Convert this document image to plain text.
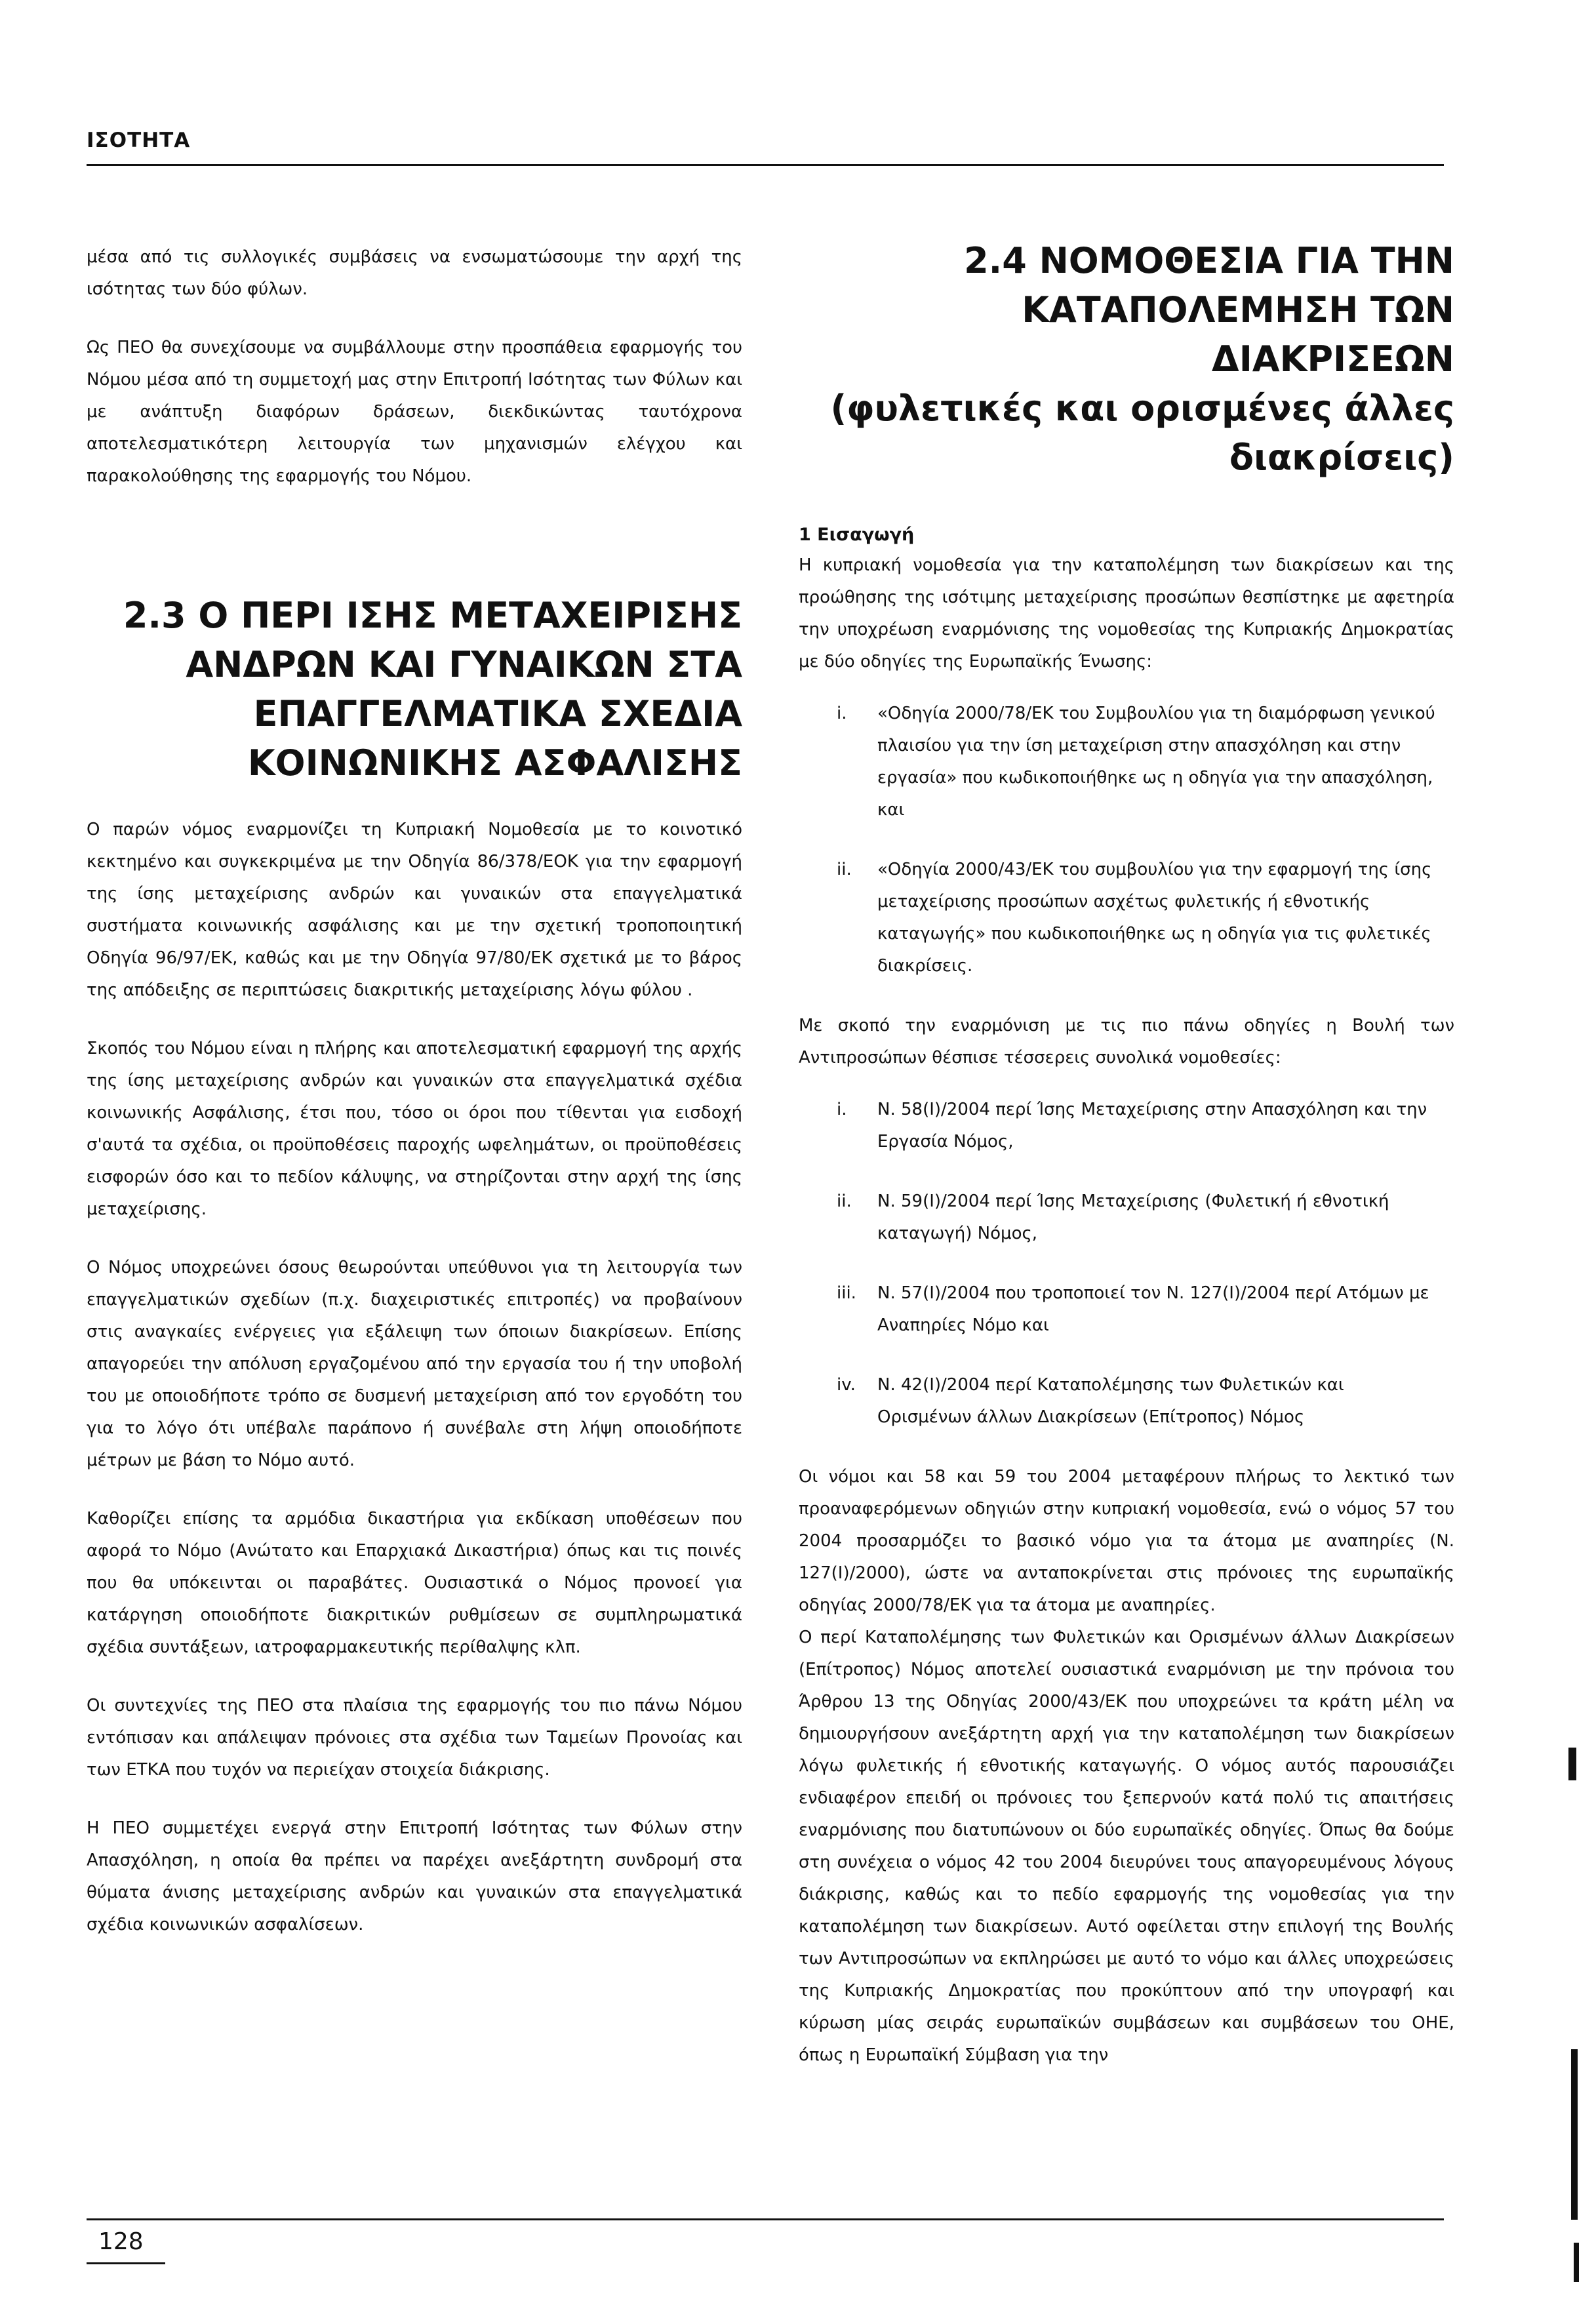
ΙΣΟΤΗΤΑ

μέσα από τις συλλογικές συμβάσεις να ενσωματώσουμε την αρχή της ισότητας των δύο φύλων.

Ως ΠΕΟ θα συνεχίσουμε να συμβάλλουμε στην προσπάθεια εφαρμογής του Νόμου μέσα από τη συμμετοχή μας στην Επιτροπή Ισότητας των Φύλων και με ανάπτυξη διαφόρων δράσεων, διεκδικώντας ταυτόχρονα αποτελεσματικότερη λειτουργία των μηχανισμών ελέγχου και παρακολούθησης της εφαρμογής του Νόμου.

2.3 Ο ΠΕΡΙ ΙΣΗΣ ΜΕΤΑΧΕΙΡΙΣΗΣ
ΑΝΔΡΩΝ ΚΑΙ ΓΥΝΑΙΚΩΝ ΣΤΑ
ΕΠΑΓΓΕΛΜΑΤΙΚΑ ΣΧΕΔΙΑ
ΚΟΙΝΩΝΙΚΗΣ ΑΣΦΑΛΙΣΗΣ

Ο παρών νόμος εναρμονίζει τη Κυπριακή Νομοθεσία με το κοινοτικό κεκτημένο και συγκεκριμένα με την Οδηγία 86/378/ΕΟΚ για την εφαρμογή της ίσης μεταχείρισης ανδρών και γυναικών στα επαγγελματικά συστήματα κοινωνικής ασφάλισης και με την σχετική τροποποιητική Οδηγία 96/97/ΕΚ, καθώς και με την Οδηγία 97/80/ΕΚ σχετικά με το βάρος της απόδειξης σε περιπτώσεις διακριτικής μεταχείρισης λόγω φύλου .

Σκοπός του Νόμου είναι η πλήρης και αποτελεσματική εφαρμογή της αρχής της ίσης μεταχείρισης ανδρών και γυναικών στα επαγγελματικά σχέδια κοινωνικής Ασφάλισης, έτσι που, τόσο οι όροι που τίθενται για εισδοχή σ'αυτά τα σχέδια, οι προϋποθέσεις παροχής ωφελημάτων, οι προϋποθέσεις εισφορών όσο και το πεδίον κάλυψης, να στηρίζονται στην αρχή της ίσης μεταχείρισης.

Ο Νόμος υποχρεώνει όσους θεωρούνται υπεύθυνοι για τη λειτουργία των επαγγελματικών σχεδίων (π.χ. διαχειριστικές επιτροπές) να προβαίνουν στις αναγκαίες ενέργειες για εξάλειψη των όποιων διακρίσεων. Επίσης απαγορεύει την απόλυση εργαζομένου από την εργασία του ή την υποβολή του με οποιοδήποτε τρόπο σε δυσμενή μεταχείριση από τον εργοδότη του για το λόγο ότι υπέβαλε παράπονο ή συνέβαλε στη λήψη οποιοδήποτε μέτρων με βάση το Νόμο αυτό.

Καθορίζει επίσης τα αρμόδια δικαστήρια για εκδίκαση υποθέσεων που αφορά το Νόμο (Ανώτατο και Επαρχιακά Δικαστήρια) όπως και τις ποινές που θα υπόκεινται οι παραβάτες. Ουσιαστικά ο Νόμος προνοεί για κατάργηση οποιοδήποτε διακριτικών ρυθμίσεων σε συμπληρωματικά σχέδια συντάξεων, ιατροφαρμακευτικής περίθαλψης κλπ.

Οι συντεχνίες της ΠΕΟ στα πλαίσια της εφαρμογής του πιο πάνω Νόμου εντόπισαν και απάλειψαν πρόνοιες στα σχέδια των Ταμείων Προνοίας και των ΕΤΚΑ που τυχόν να περιείχαν στοιχεία διάκρισης.

Η ΠΕΟ συμμετέχει ενεργά στην Επιτροπή Ισότητας των Φύλων στην Απασχόληση, η οποία θα πρέπει να παρέχει ανεξάρτητη συνδρομή στα θύματα άνισης μεταχείρισης ανδρών και γυναικών στα επαγγελματικά σχέδια κοινωνικών ασφαλίσεων.

2.4 ΝΟΜΟΘΕΣΙΑ ΓΙΑ ΤΗΝ
ΚΑΤΑΠΟΛΕΜΗΣΗ ΤΩΝ ΔΙΑΚΡΙΣΕΩΝ
(φυλετικές και ορισμένες άλλες
διακρίσεις)
1 Εισαγωγή

Η κυπριακή νομοθεσία για την καταπολέμηση των διακρίσεων και της προώθησης της ισότιμης μεταχείρισης προσώπων θεσπίστηκε με αφετηρία την υποχρέωση εναρμόνισης της νομοθεσίας της Κυπριακής Δημοκρατίας με δύο οδηγίες της Ευρωπαϊκής Ένωσης:

i.	«Οδηγία 2000/78/ΕΚ του Συμβουλίου για τη διαμόρφωση γενικού πλαισίου για την ίση μεταχείριση στην απασχόληση και στην εργασία» που κωδικοποιήθηκε ως η οδηγία για την απασχόληση, και
ii.	«Οδηγία 2000/43/ΕΚ του συμβουλίου για την εφαρμογή της ίσης μεταχείρισης προσώπων ασχέτως φυλετικής ή εθνοτικής καταγωγής» που κωδικοποιήθηκε ως η οδηγία για τις φυλετικές διακρίσεις.

Με σκοπό την εναρμόνιση με τις πιο πάνω οδηγίες η Βουλή των Αντιπροσώπων θέσπισε τέσσερεις συνολικά νομοθεσίες:

i.	Ν. 58(Ι)/2004 περί Ίσης Μεταχείρισης στην Απασχόληση και την Εργασία Νόμος,
ii.	Ν. 59(Ι)/2004 περί Ίσης Μεταχείρισης (Φυλετική ή εθνοτική καταγωγή) Νόμος,
iii.	Ν. 57(Ι)/2004 που τροποποιεί τον Ν. 127(Ι)/2004 περί Ατόμων με Αναπηρίες Νόμο και
iv.	Ν. 42(Ι)/2004 περί Καταπολέμησης των Φυλετικών και Ορισμένων άλλων Διακρίσεων (Επίτροπος) Νόμος

Οι νόμοι και 58 και 59 του 2004 μεταφέρουν πλήρως το λεκτικό των προαναφερόμενων οδηγιών στην κυπριακή νομοθεσία, ενώ ο νόμος 57 του 2004 προσαρμόζει το βασικό νόμο για τα άτομα με αναπηρίες (Ν. 127(Ι)/2000), ώστε να ανταποκρίνεται στις πρόνοιες της ευρωπαϊκής οδηγίας 2000/78/ΕΚ για τα άτομα με αναπηρίες.

Ο περί Καταπολέμησης των Φυλετικών και Ορισμένων άλλων Διακρίσεων (Επίτροπος) Νόμος αποτελεί ουσιαστικά εναρμόνιση με την πρόνοια του Άρθρου 13 της Οδηγίας 2000/43/ΕΚ που υποχρεώνει τα κράτη μέλη να δημιουργήσουν ανεξάρτητη αρχή για την καταπολέμηση των διακρίσεων λόγω φυλετικής ή εθνοτικής καταγωγής. Ο νόμος αυτός παρουσιάζει ενδιαφέρον επειδή οι πρόνοιες του ξεπερνούν κατά πολύ τις απαιτήσεις εναρμόνισης που διατυπώνουν οι δύο ευρωπαϊκές οδηγίες. Όπως θα δούμε στη συνέχεια ο νόμος 42 του 2004 διευρύνει τους απαγορευμένους λόγους διάκρισης, καθώς και το πεδίο εφαρμογής της νομοθεσίας για την καταπολέμηση των διακρίσεων. Αυτό οφείλεται στην επιλογή της Βουλής των Αντιπροσώπων να εκπληρώσει με αυτό το νόμο και άλλες υποχρεώσεις της Κυπριακής Δημοκρατίας που προκύπτουν από την υπογραφή και κύρωση μίας σειράς ευρωπαϊκών συμβάσεων και συμβάσεων του ΟΗΕ, όπως η Ευρωπαϊκή Σύμβαση για την

128
